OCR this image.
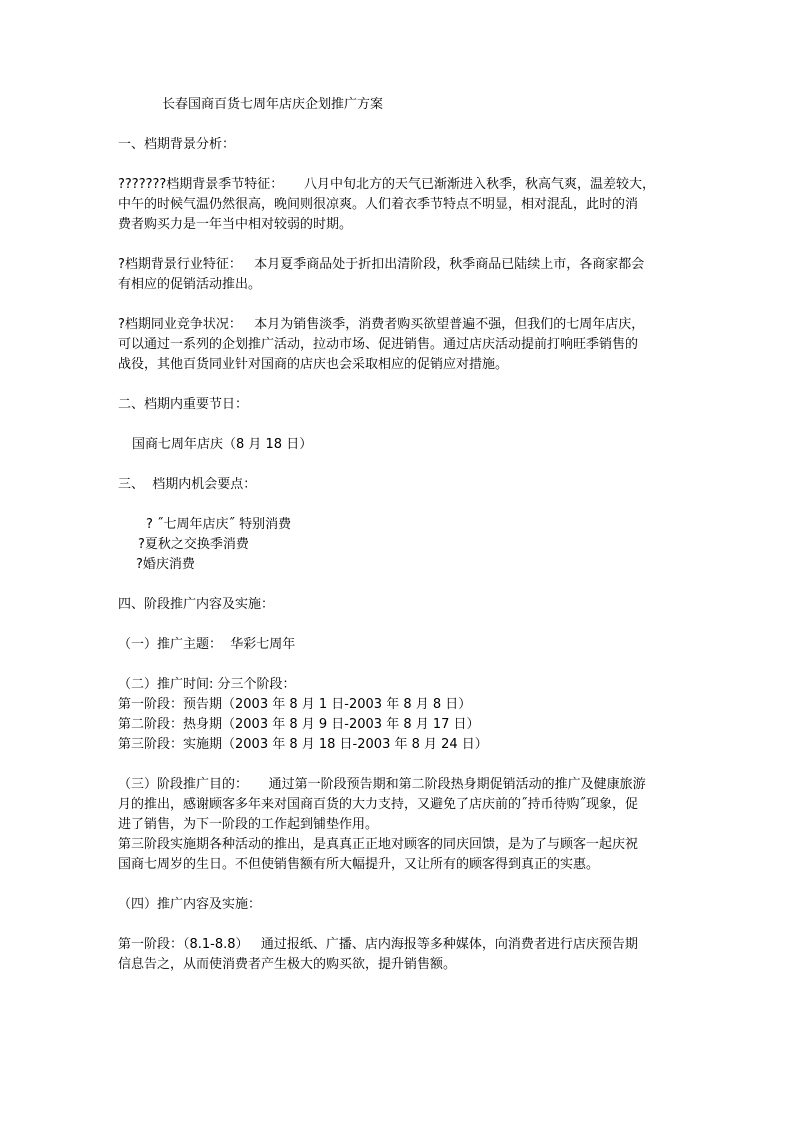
长春国商百货七周年店庆企划推广方案
一、档期背景分析：
???????档期背景季节特征：     八月中旬北方的天气已渐渐进入秋季，秋高气爽，温差较大，
中午的时候气温仍然很高，晚间则很凉爽。人们着衣季节特点不明显，相对混乱，此时的消
费者购买力是一年当中相对较弱的时期。
?档期背景行业特征：   本月夏季商品处于折扣出清阶段，秋季商品已陆续上市，各商家都会
有相应的促销活动推出。
?档期同业竞争状况：   本月为销售淡季，消费者购买欲望普遍不强，但我们的七周年店庆，
可以通过一系列的企划推广活动，拉动市场、促进销售。通过店庆活动提前打响旺季销售的
战役，其他百货同业针对国商的店庆也会采取相应的促销应对措施。
二、档期内重要节日：
国商七周年店庆（8 月 18 日）
三、  档期内机会要点：
? ˝七周年店庆˝ 特别消费
?夏秋之交换季消费
?婚庆消费
四、阶段推广内容及实施：
（一）推广主题：  华彩七周年
（二）推广时间: 分三个阶段：
第一阶段：预告期（2003 年 8 月 1 日-2003 年 8 月 8 日）
第二阶段：热身期（2003 年 8 月 9 日-2003 年 8 月 17 日）
第三阶段：实施期（2003 年 8 月 18 日-2003 年 8 月 24 日）
（三）阶段推广目的：     通过第一阶段预告期和第二阶段热身期促销活动的推广及健康旅游
月的推出，感谢顾客多年来对国商百货的大力支持，又避免了店庆前的˝持币待购˝现象，促
进了销售，为下一阶段的工作起到铺垫作用。
第三阶段实施期各种活动的推出，是真真正正地对顾客的同庆回馈，是为了与顾客一起庆祝
国商七周岁的生日。不但使销售额有所大幅提升，又让所有的顾客得到真正的实惠。
（四）推广内容及实施：
第一阶段：（8.1-8.8）   通过报纸、广播、店内海报等多种媒体，向消费者进行店庆预告期
信息告之，从而使消费者产生极大的购买欲，提升销售额。
